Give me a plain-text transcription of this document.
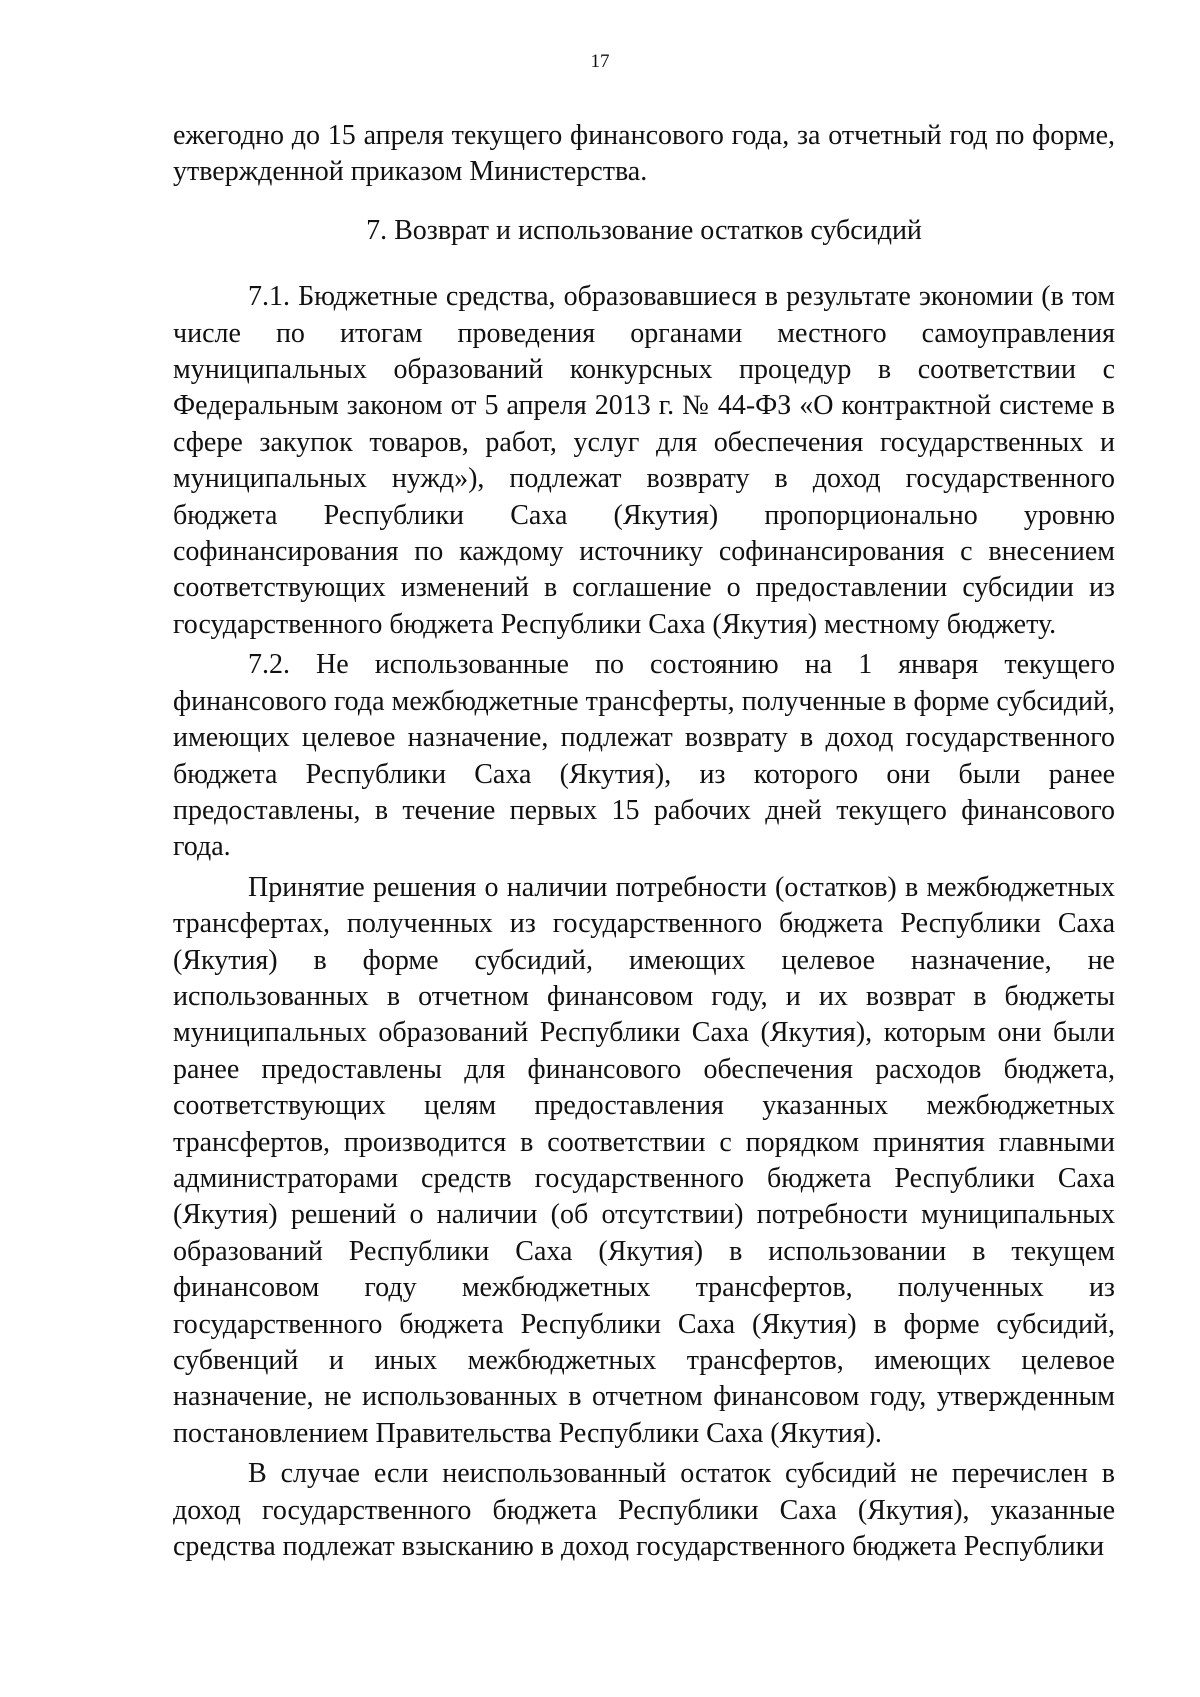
17

ежегодно до 15 апреля текущего финансового года, за отчетный год по форме, утвержденной приказом Министерства.

7. Возврат и использование остатков субсидий

7.1. Бюджетные средства, образовавшиеся в результате экономии (в том числе по итогам проведения органами местного самоуправления муниципальных образований конкурсных процедур в соответствии с Федеральным законом от 5 апреля 2013 г. № 44-ФЗ «О контрактной системе в сфере закупок товаров, работ, услуг для обеспечения государственных и муниципальных нужд»), подлежат возврату в доход государственного бюджета Республики Саха (Якутия) пропорционально уровню софинансирования по каждому источнику софинансирования с внесением соответствующих изменений в соглашение о предоставлении субсидии из государственного бюджета Республики Саха (Якутия) местному бюджету.

7.2. Не использованные по состоянию на 1 января текущего финансового года межбюджетные трансферты, полученные в форме субсидий, имеющих целевое назначение, подлежат возврату в доход государственного бюджета Республики Саха (Якутия), из которого они были ранее предоставлены, в течение первых 15 рабочих дней текущего финансового года.

Принятие решения о наличии потребности (остатков) в межбюджетных трансфертах, полученных из государственного бюджета Республики Саха (Якутия) в форме субсидий, имеющих целевое назначение, не использованных в отчетном финансовом году, и их возврат в бюджеты муниципальных образований Республики Саха (Якутия), которым они были ранее предоставлены для финансового обеспечения расходов бюджета, соответствующих целям предоставления указанных межбюджетных трансфертов, производится в соответствии с порядком принятия главными администраторами средств государственного бюджета Республики Саха (Якутия) решений о наличии (об отсутствии) потребности муниципальных образований Республики Саха (Якутия) в использовании в текущем финансовом году межбюджетных трансфертов, полученных из государственного бюджета Республики Саха (Якутия) в форме субсидий, субвенций и иных межбюджетных трансфертов, имеющих целевое назначение, не использованных в отчетном финансовом году, утвержденным постановлением Правительства Республики Саха (Якутия).

В случае если неиспользованный остаток субсидий не перечислен в доход государственного бюджета Республики Саха (Якутия), указанные средства подлежат взысканию в доход государственного бюджета Республики
